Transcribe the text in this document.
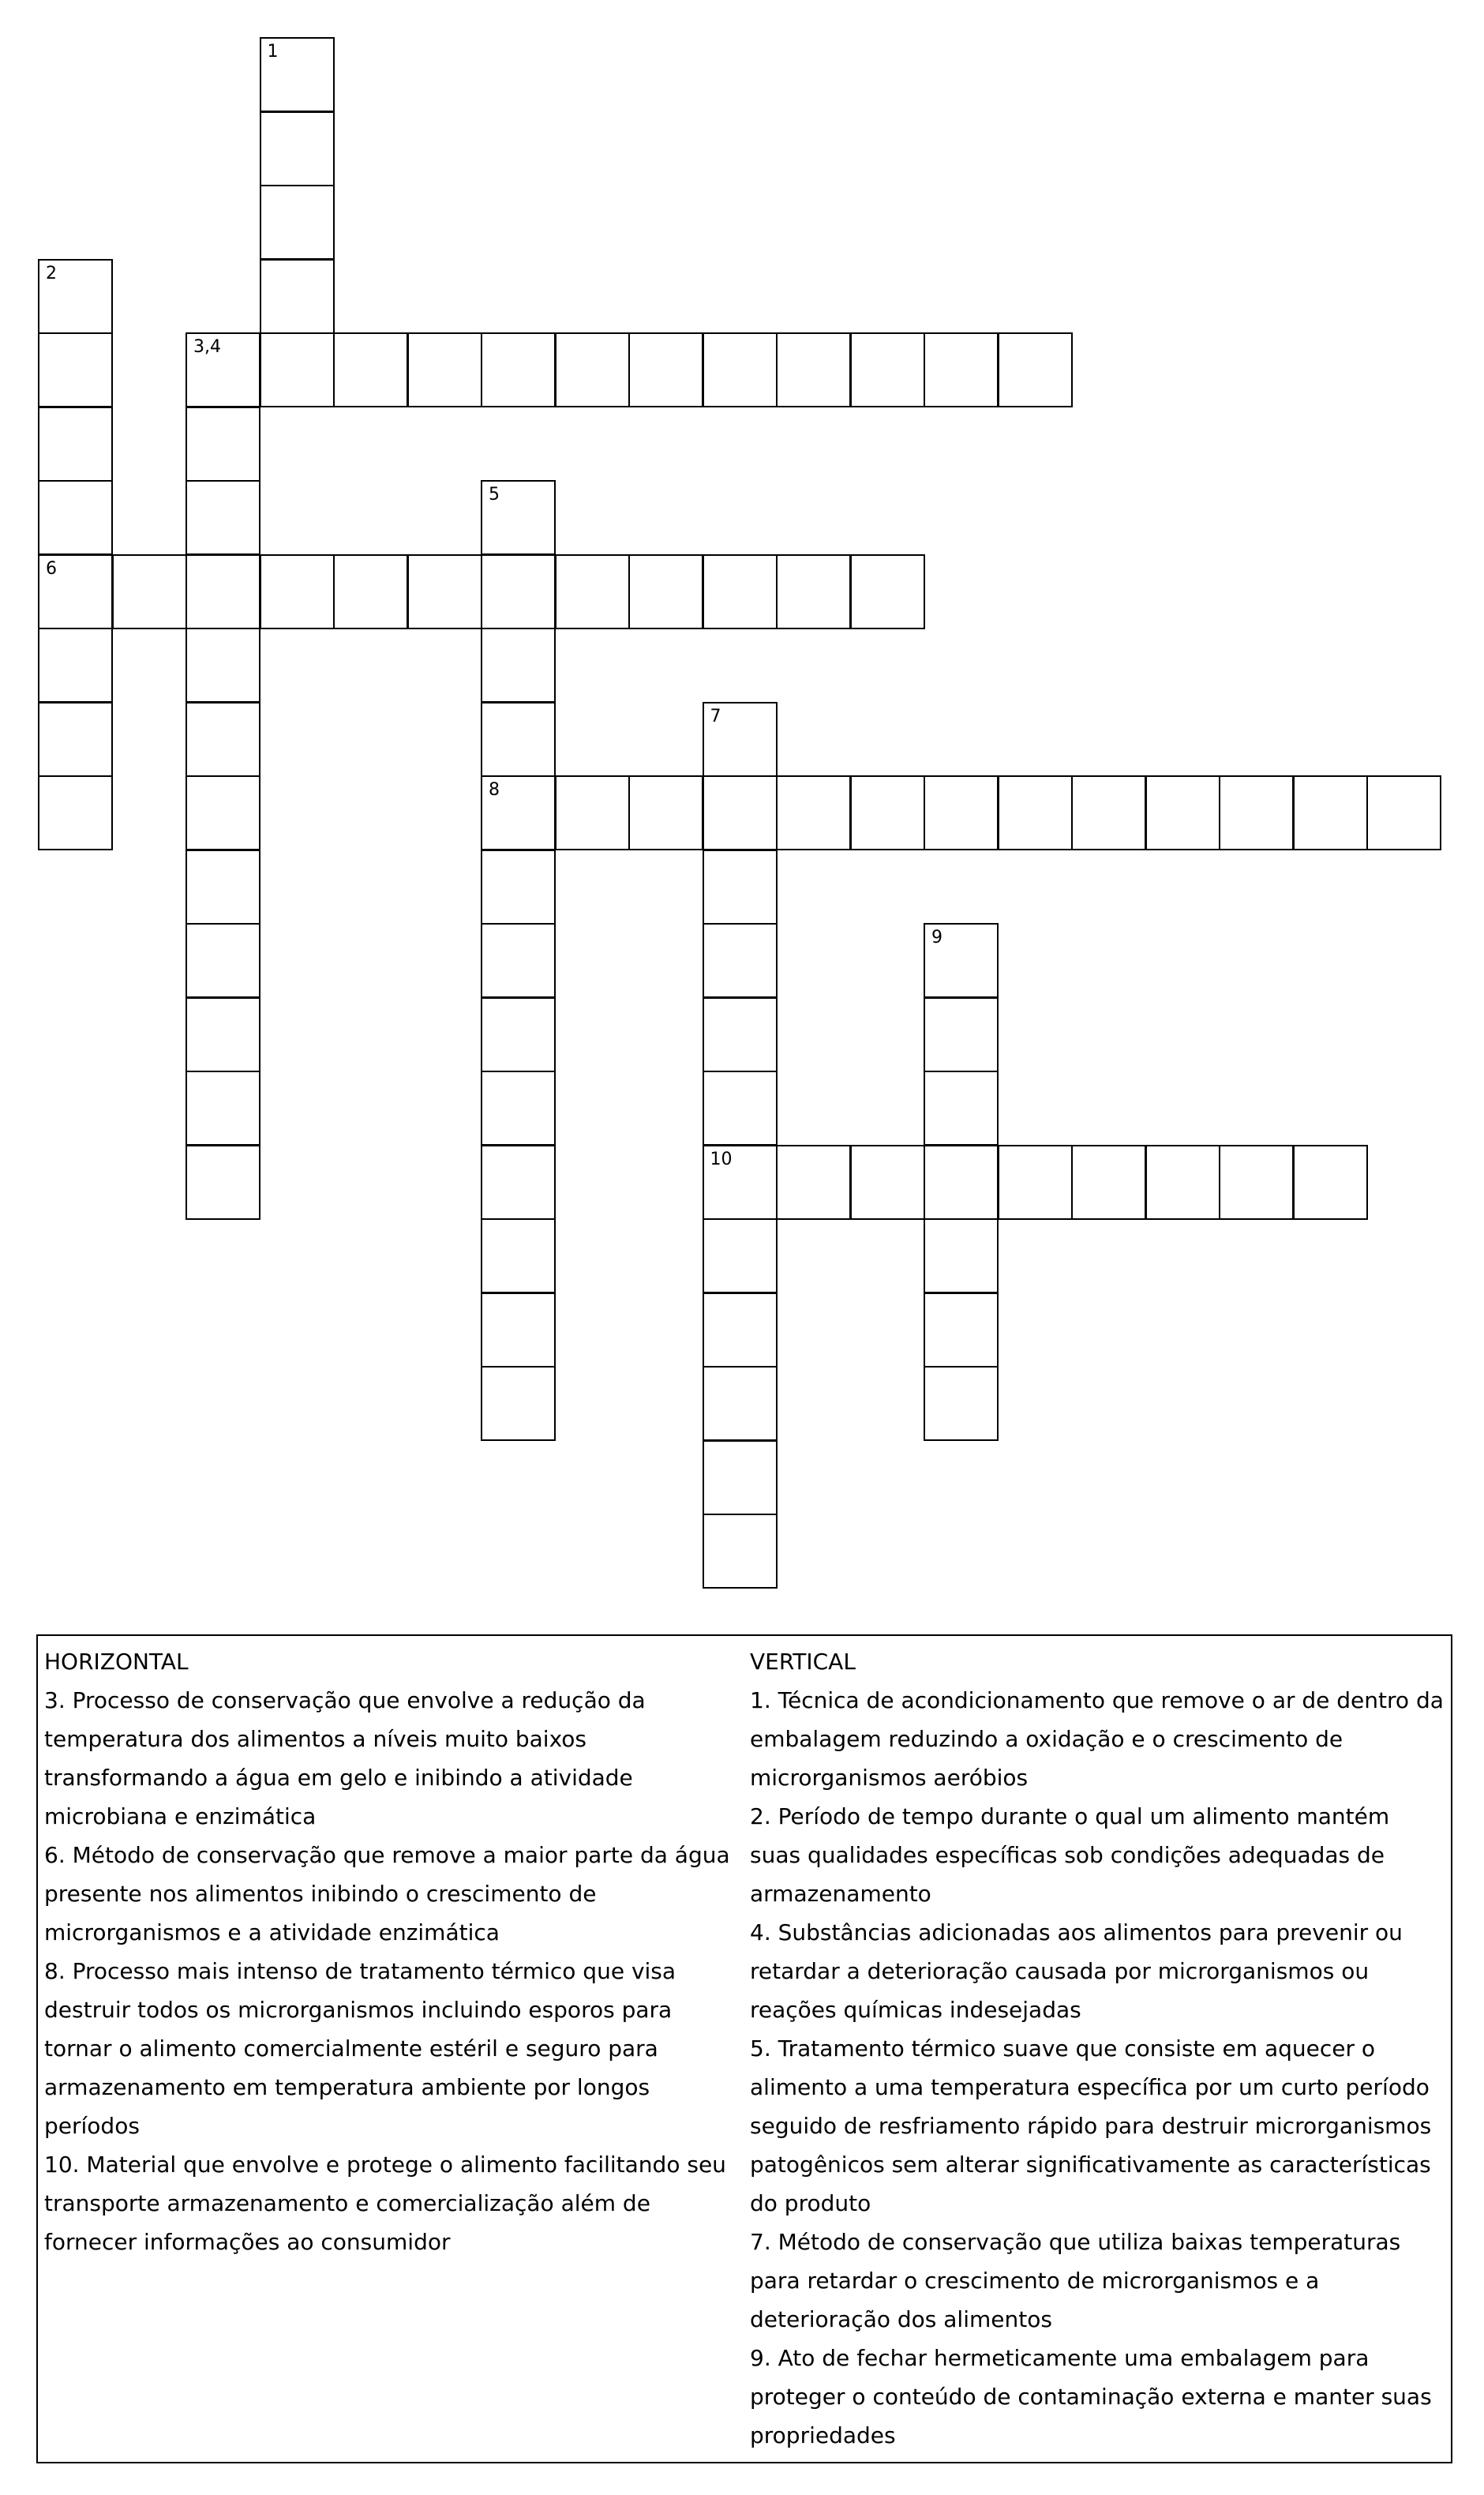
1
2
3,4
5
6
7
8
9
10

HORIZONTAL

3. Processo de conservação que envolve a redução da temperatura dos alimentos a níveis muito baixos transformando a água em gelo e inibindo a atividade microbiana e enzimática

6. Método de conservação que remove a maior parte da água presente nos alimentos inibindo o crescimento de microrganismos e a atividade enzimática

8. Processo mais intenso de tratamento térmico que visa destruir todos os microrganismos incluindo esporos para tornar o alimento comercialmente estéril e seguro para armazenamento em temperatura ambiente por longos períodos

10. Material que envolve e protege o alimento facilitando seu transporte armazenamento e comercialização além de fornecer informações ao consumidor

VERTICAL

1. Técnica de acondicionamento que remove o ar de dentro da embalagem reduzindo a oxidação e o crescimento de microrganismos aeróbios

2. Período de tempo durante o qual um alimento mantém suas qualidades específicas sob condições adequadas de armazenamento

4. Substâncias adicionadas aos alimentos para prevenir ou retardar a deterioração causada por microrganismos ou reações químicas indesejadas

5. Tratamento térmico suave que consiste em aquecer o alimento a uma temperatura específica por um curto período seguido de resfriamento rápido para destruir microrganismos patogênicos sem alterar significativamente as características do produto

7. Método de conservação que utiliza baixas temperaturas para retardar o crescimento de microrganismos e a deterioração dos alimentos

9. Ato de fechar hermeticamente uma embalagem para proteger o conteúdo de contaminação externa e manter suas propriedades
